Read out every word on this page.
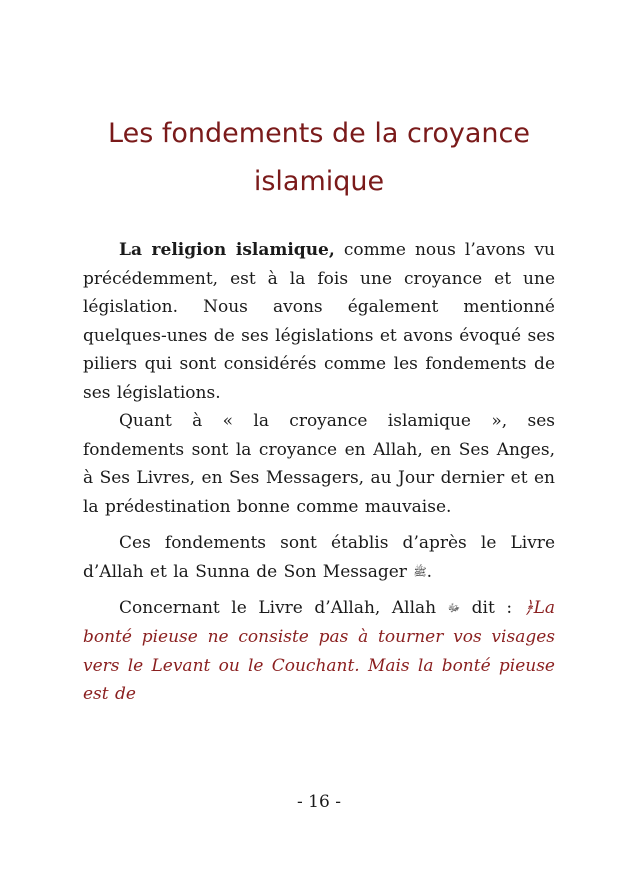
Les fondements de la croyance
islamique

La religion islamique, comme nous l’avons vu précédemment, est à la fois une croyance et une législation. Nous avons également mentionné quelques-unes de ses législations et avons évoqué ses piliers qui sont considérés comme les fondements de ses législations.

Quant à « la croyance islamique », ses fondements sont la croyance en Allah, en Ses Anges, à Ses Livres, en Ses Messagers, au Jour dernier et en la prédestination bonne comme mauvaise.

Ces fondements sont établis d’après le Livre d’Allah et la Sunna de Son Messager ﷺ.

Concernant le Livre d’Allah, Allah ﷻ dit : ﴿La bonté pieuse ne consiste pas à tourner vos visages vers le Levant ou le Couchant. Mais la bonté pieuse est de

- 16 -
